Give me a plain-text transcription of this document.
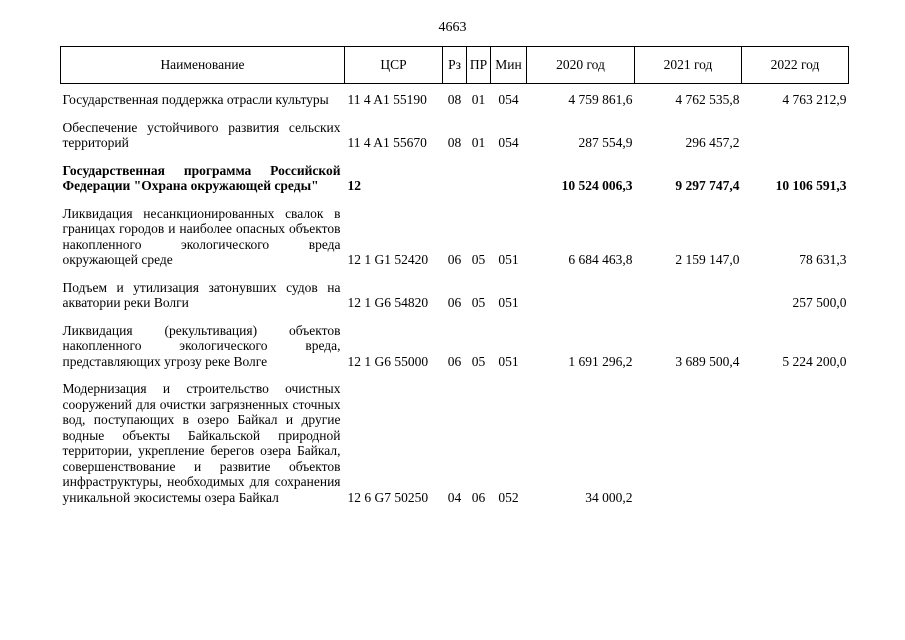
4663
Наименование	ЦСР	Рз	ПР	Мин	2020 год	2021 год	2022 год
Государственная поддержка отрасли культуры	11 4 A1 55190	08	01	054	4 759 861,6	4 762 535,8	4 763 212,9
Обеспечение устойчивого развития сельских территорий	11 4 A1 55670	08	01	054	287 554,9	296 457,2	
Государственная программа Российской Федерации "Охрана окружающей среды"	12				10 524 006,3	9 297 747,4	10 106 591,3
Ликвидация несанкционированных свалок в границах городов и наиболее опасных объектов накопленного экологического вреда окружающей среде	12 1 G1 52420	06	05	051	6 684 463,8	2 159 147,0	78 631,3
Подъем и утилизация затонувших судов на акватории реки Волги	12 1 G6 54820	06	05	051			257 500,0
Ликвидация (рекультивация) объектов накопленного экологического вреда, представляющих угрозу реке Волге	12 1 G6 55000	06	05	051	1 691 296,2	3 689 500,4	5 224 200,0
Модернизация и строительство очистных сооружений для очистки загрязненных сточных вод, поступающих в озеро Байкал и другие водные объекты Байкальской природной территории, укрепление берегов озера Байкал, совершенствование и развитие объектов инфраструктуры, необходимых для сохранения уникальной экосистемы озера Байкал	12 6 G7 50250	04	06	052	34 000,2		
